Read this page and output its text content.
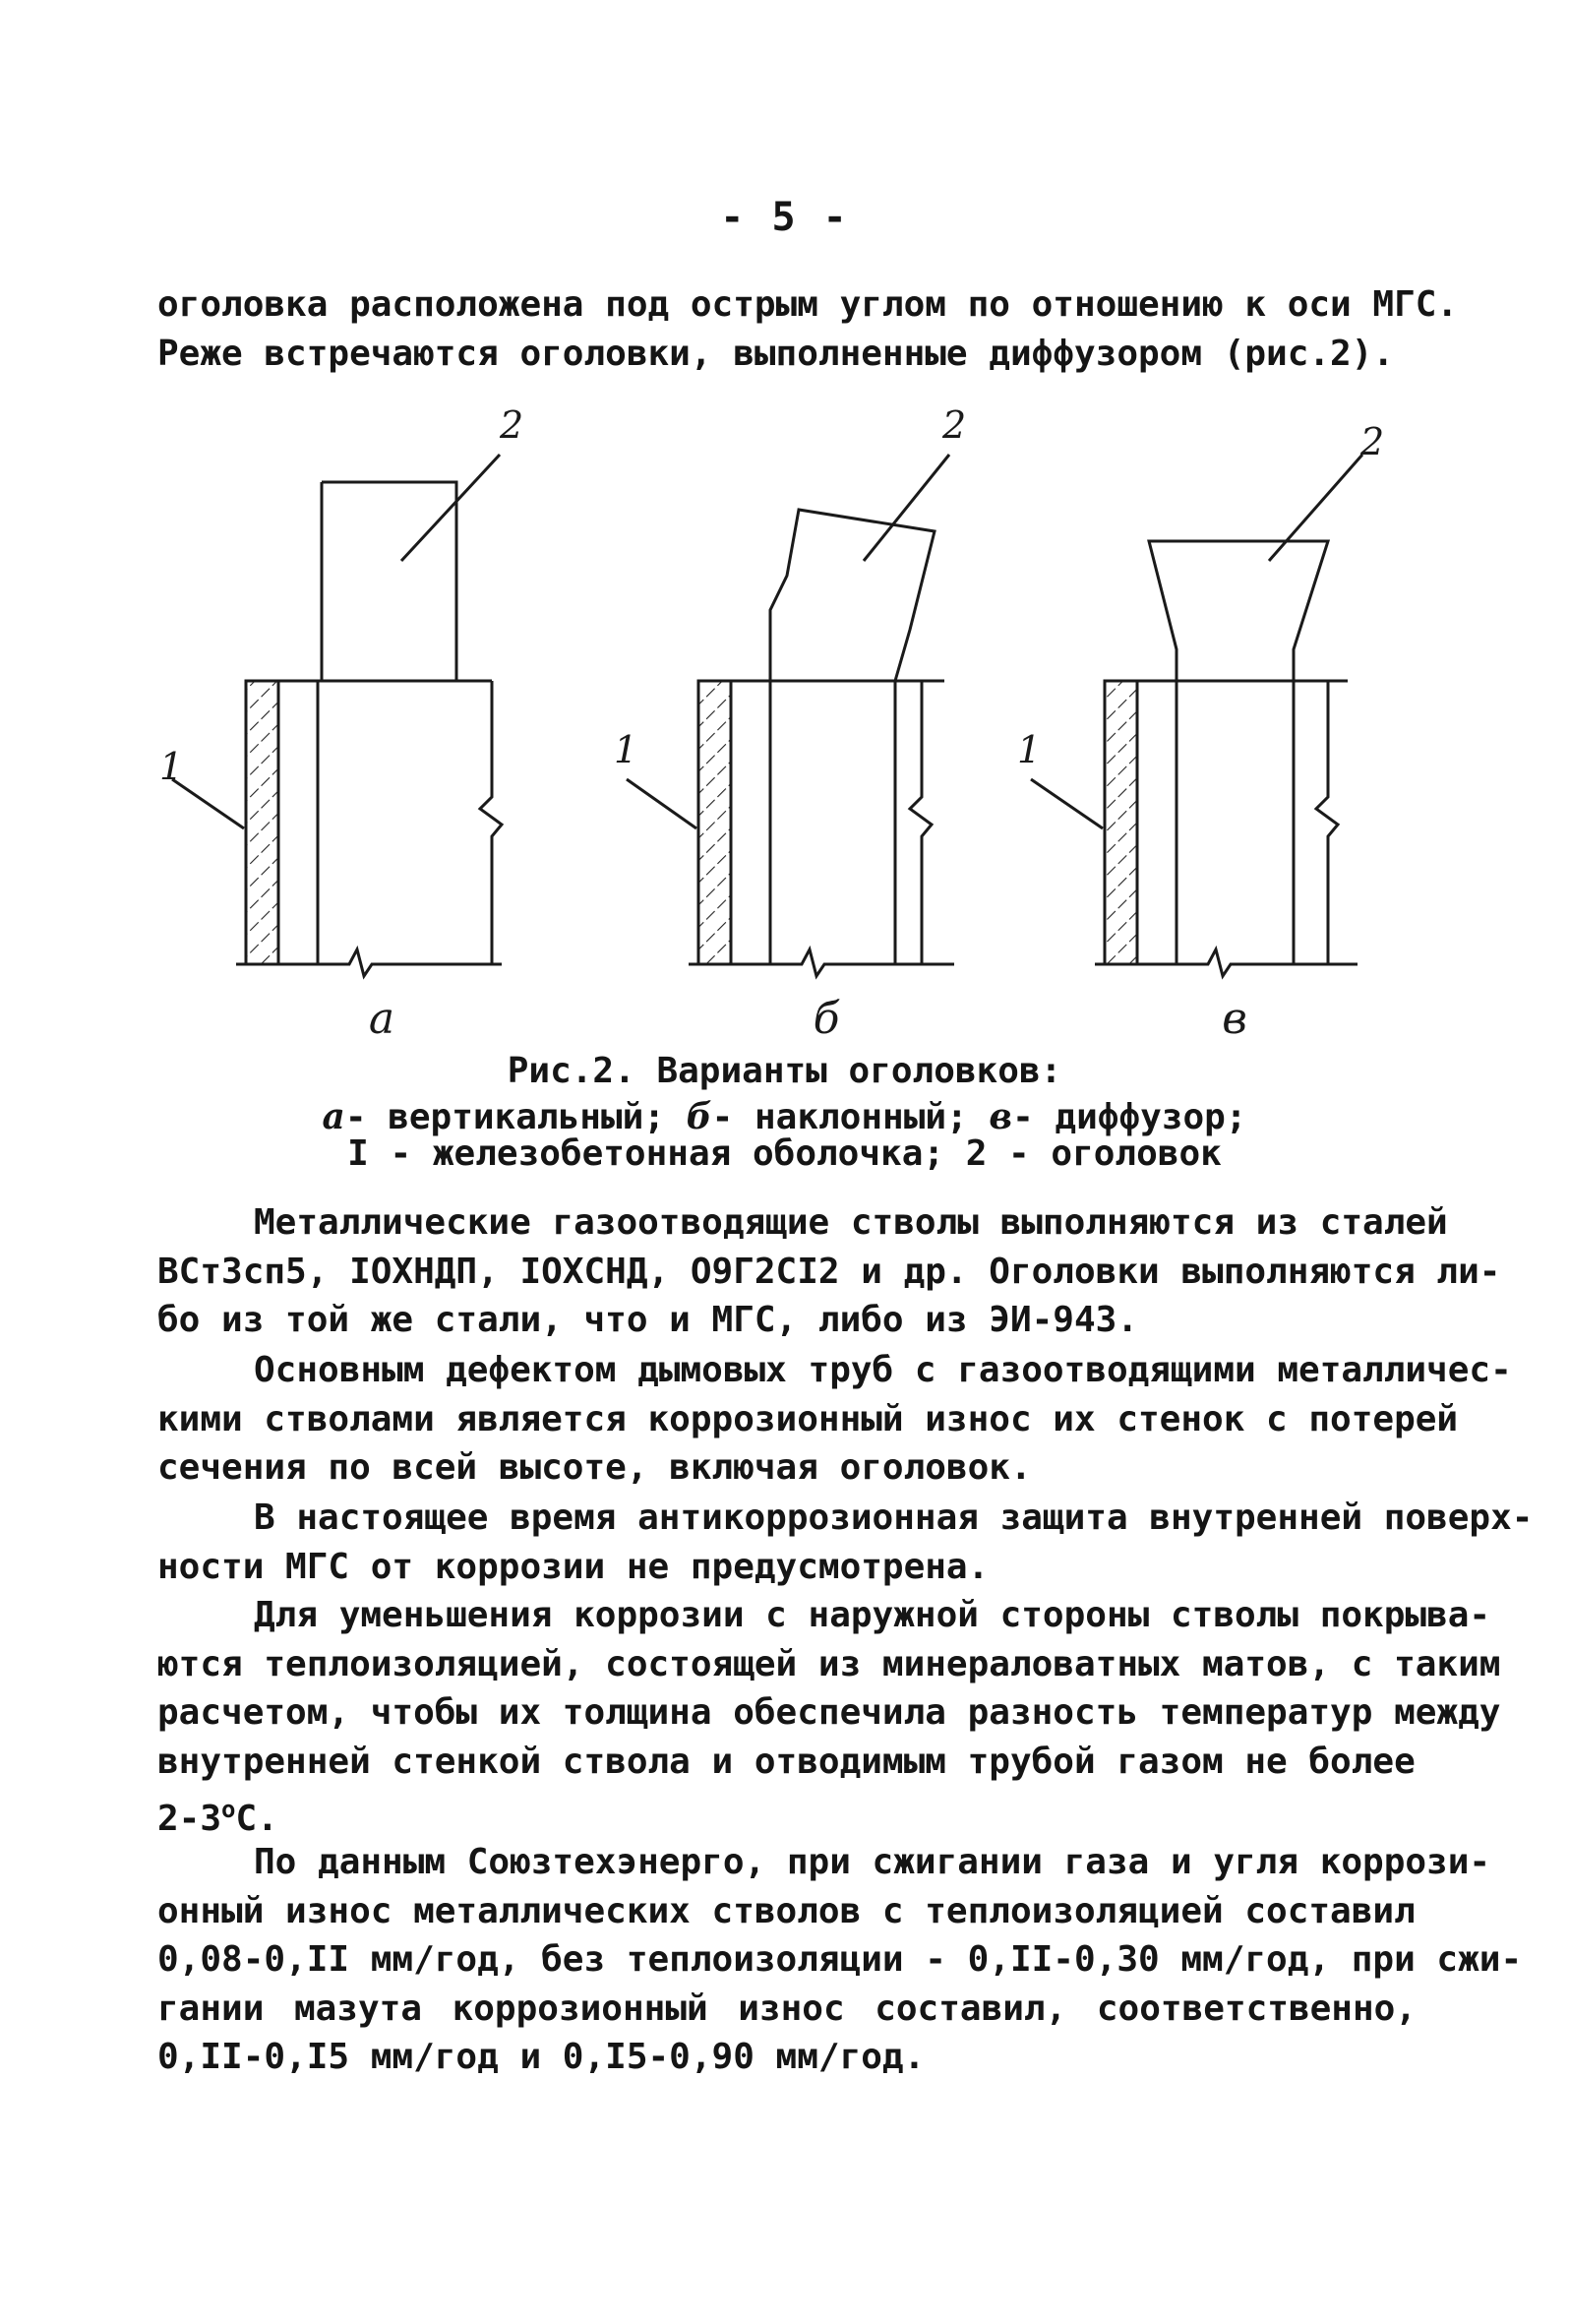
- 5 -
оголовка расположена под острым углом по отношению к оси МГС.
Реже встречаются оголовки, выполненные диффузором (рис.2).
2	2	2
1	1	1
а	б	в
Рис.2. Варианты оголовков:
а- вертикальный; б- наклонный; в- диффузор;
I - железобетонная оболочка; 2 - оголовок
Металлические газоотводящие стволы выполняются из сталей
ВСт3сп5, IОХНДП, IОХСНД, О9Г2СI2 и др. Оголовки выполняются ли-
бо из той же стали, что и МГС, либо из ЭИ-943.
Основным дефектом дымовых труб с газоотводящими металличес-
кими стволами является коррозионный износ их стенок с потерей
сечения по всей высоте, включая оголовок.
В настоящее время антикоррозионная защита внутренней поверх-
ности МГС от коррозии не предусмотрена.
Для уменьшения коррозии с наружной стороны стволы покрыва-
ются теплоизоляцией, состоящей из минераловатных матов, с таким
расчетом, чтобы их толщина обеспечила разность температур между
внутренней стенкой ствола и отводимым трубой газом не более
$2-3^оС$.
По данным Союзтехэнерго, при сжигании газа и угля коррози-
онный износ металлических стволов с теплоизоляцией составил
0,08-0,II мм/год, без теплоизоляции - 0,II-0,30 мм/год, при сжи-
гании мазута коррозионный износ составил, соответственно,
0,II-0,I5 мм/год и 0,I5-0,90 мм/год.
